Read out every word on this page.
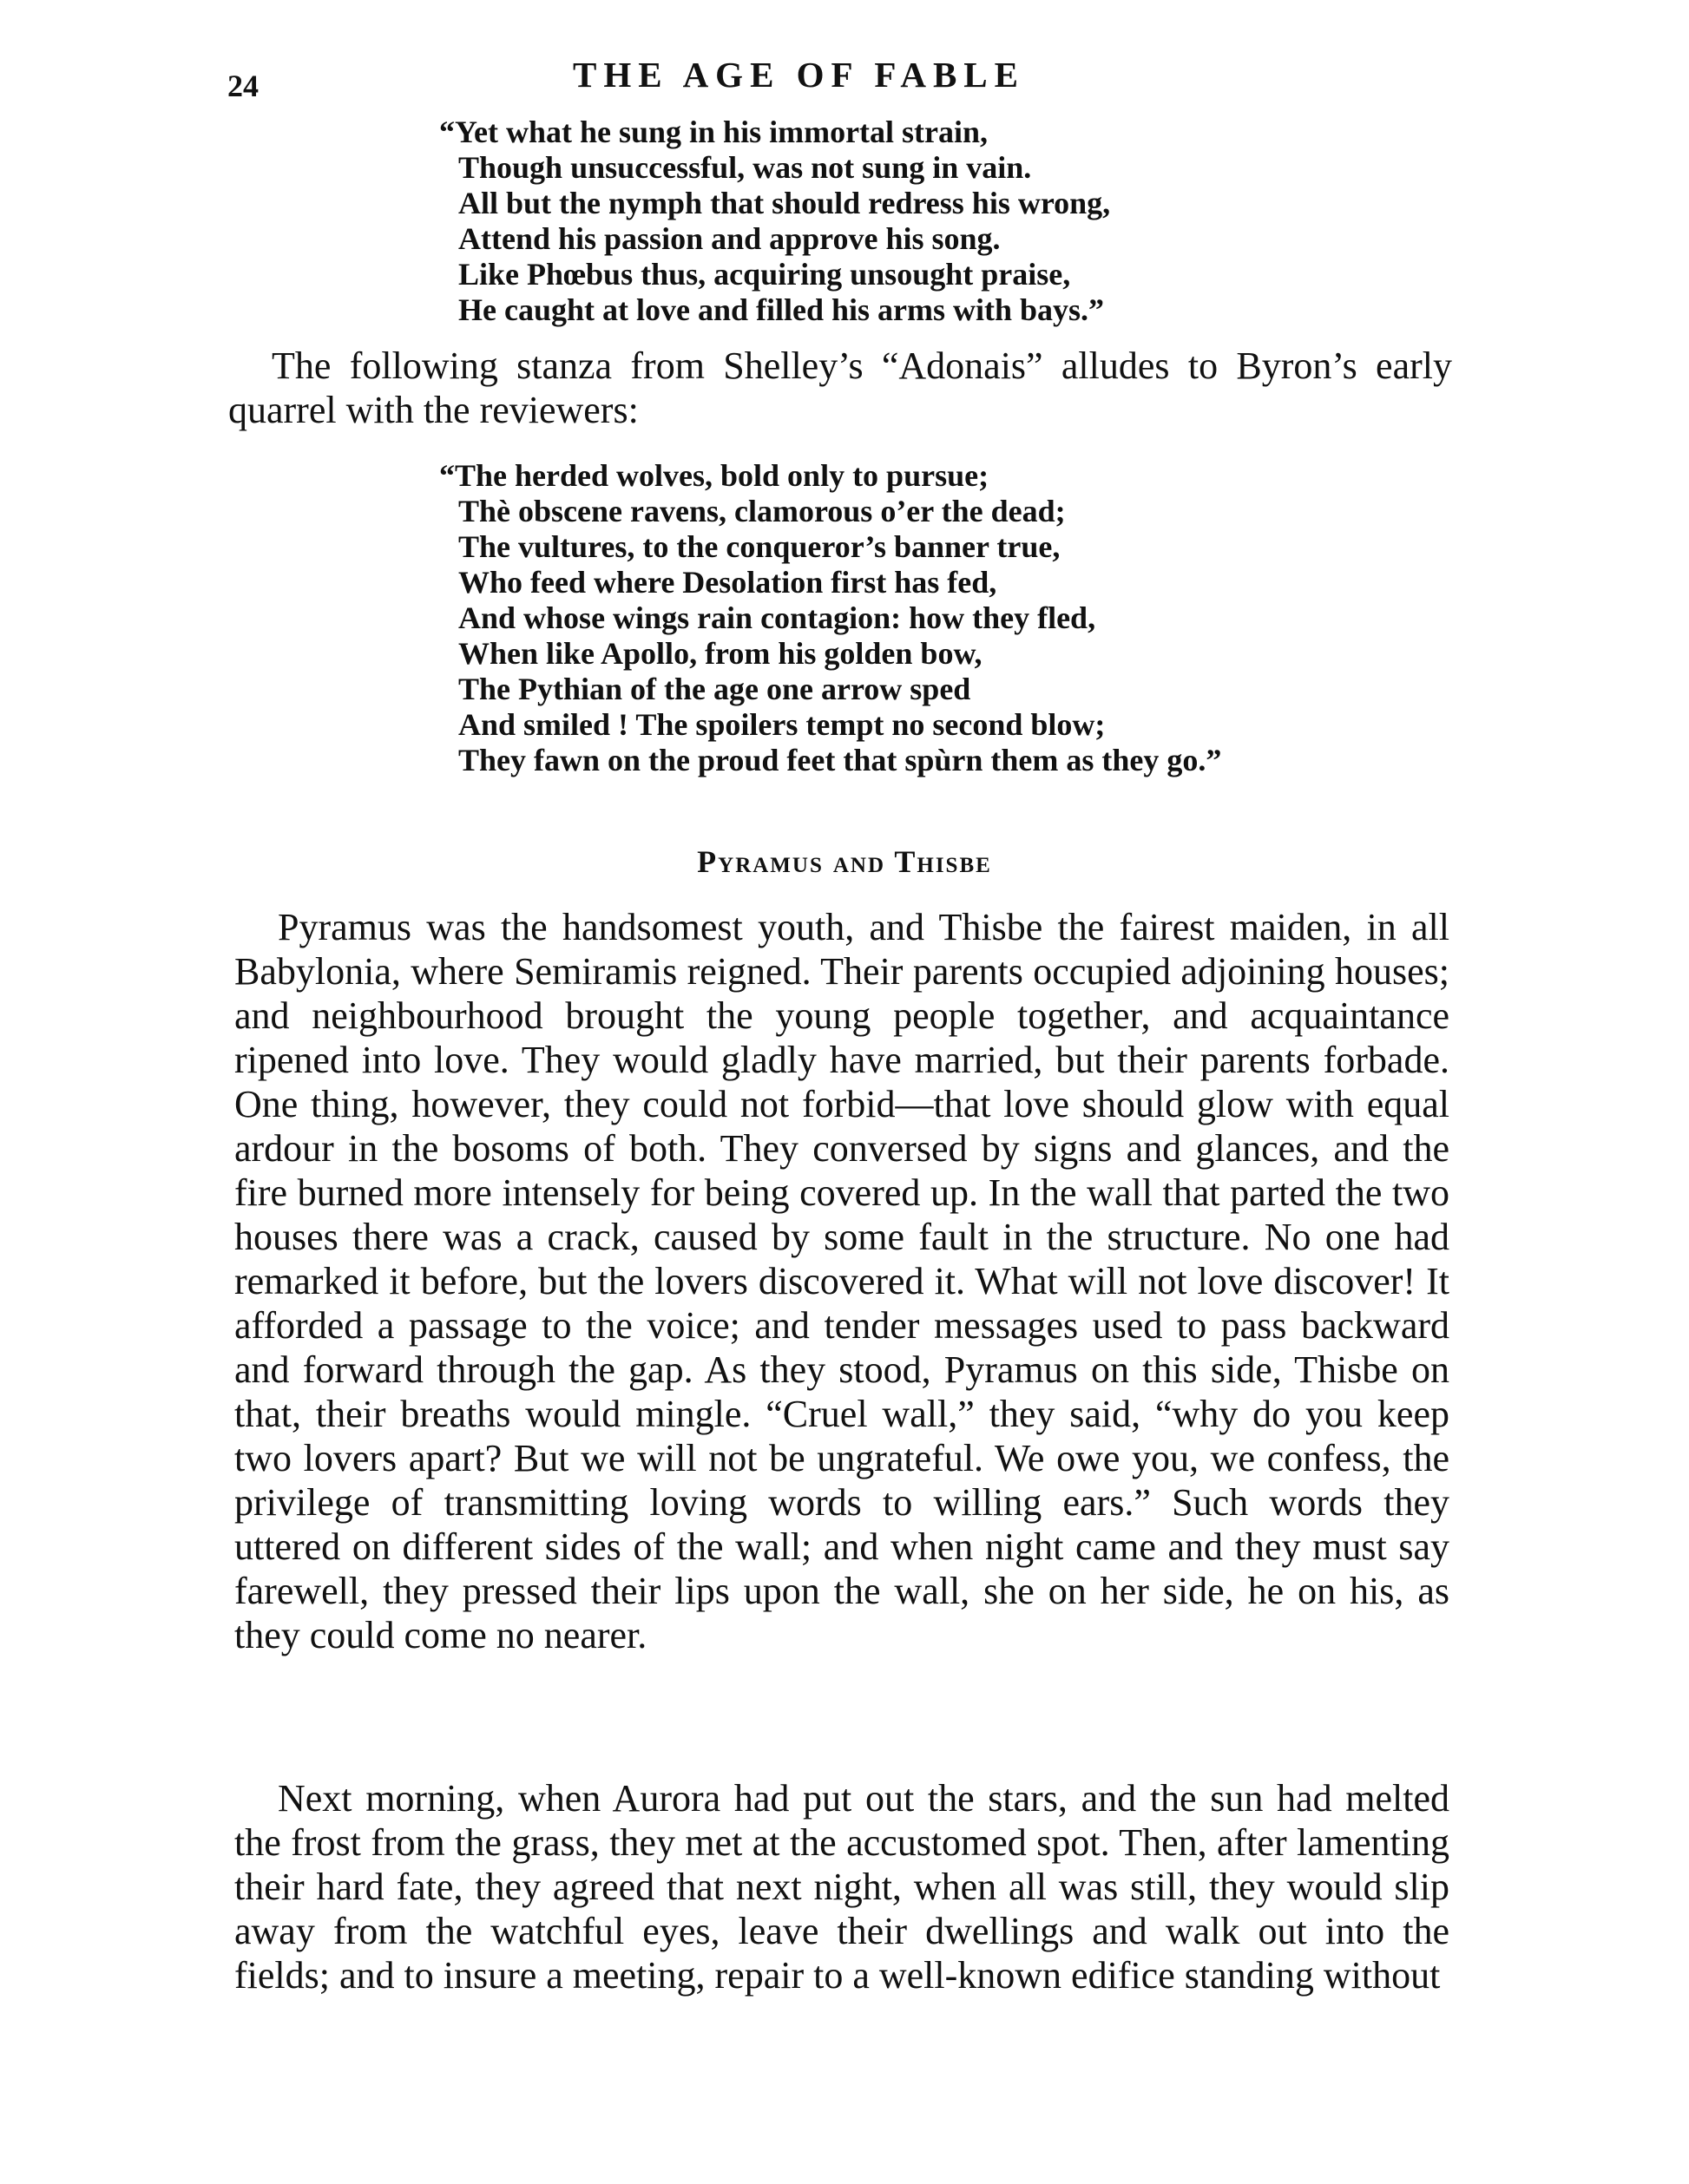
24	THE AGE OF FABLE
“Yet what he sung in his immortal strain,
Though unsuccessful, was not sung in vain.
All but the nymph that should redress his wrong,
Attend his passion and approve his song.
Like Phœbus thus, acquiring unsought praise,
He caught at love and filled his arms with bays.”

The following stanza from Shelley’s “Adonais” alludes to Byron’s early quarrel with the reviewers:

“The herded wolves, bold only to pursue;
Thè obscene ravens, clamorous o’er the dead;
The vultures, to the conqueror’s banner true,
Who feed where Desolation first has fed,
And whose wings rain contagion: how they fled,
When like Apollo, from his golden bow,
The Pythian of the age one arrow sped
And smiled ! The spoilers tempt no second blow;
They fawn on the proud feet that spùrn them as they go.”
Pyramus and Thisbe

Pyramus was the handsomest youth, and Thisbe the fairest maiden, in all Babylonia, where Semiramis reigned. Their parents occupied adjoining houses; and neighbourhood brought the young people together, and acquaintance ripened into love. They would gladly have married, but their parents forbade. One thing, however, they could not forbid—that love should glow with equal ardour in the bosoms of both. They conversed by signs and glances, and the fire burned more intensely for being covered up. In the wall that parted the two houses there was a crack, caused by some fault in the structure. No one had remarked it before, but the lovers discovered it. What will not love discover! It afforded a passage to the voice; and tender messages used to pass backward and forward through the gap. As they stood, Pyramus on this side, Thisbe on that, their breaths would mingle. “Cruel wall,” they said, “why do you keep two lovers apart? But we will not be ungrateful. We owe you, we confess, the privilege of transmitting loving words to willing ears.” Such words they uttered on different sides of the wall; and when night came and they must say farewell, they pressed their lips upon the wall, she on her side, he on his, as they could come no nearer.

Next morning, when Aurora had put out the stars, and the sun had melted the frost from the grass, they met at the accustomed spot. Then, after lamenting their hard fate, they agreed that next night, when all was still, they would slip away from the watchful eyes, leave their dwellings and walk out into the fields; and to insure a meeting, repair to a well-known edifice standing without
